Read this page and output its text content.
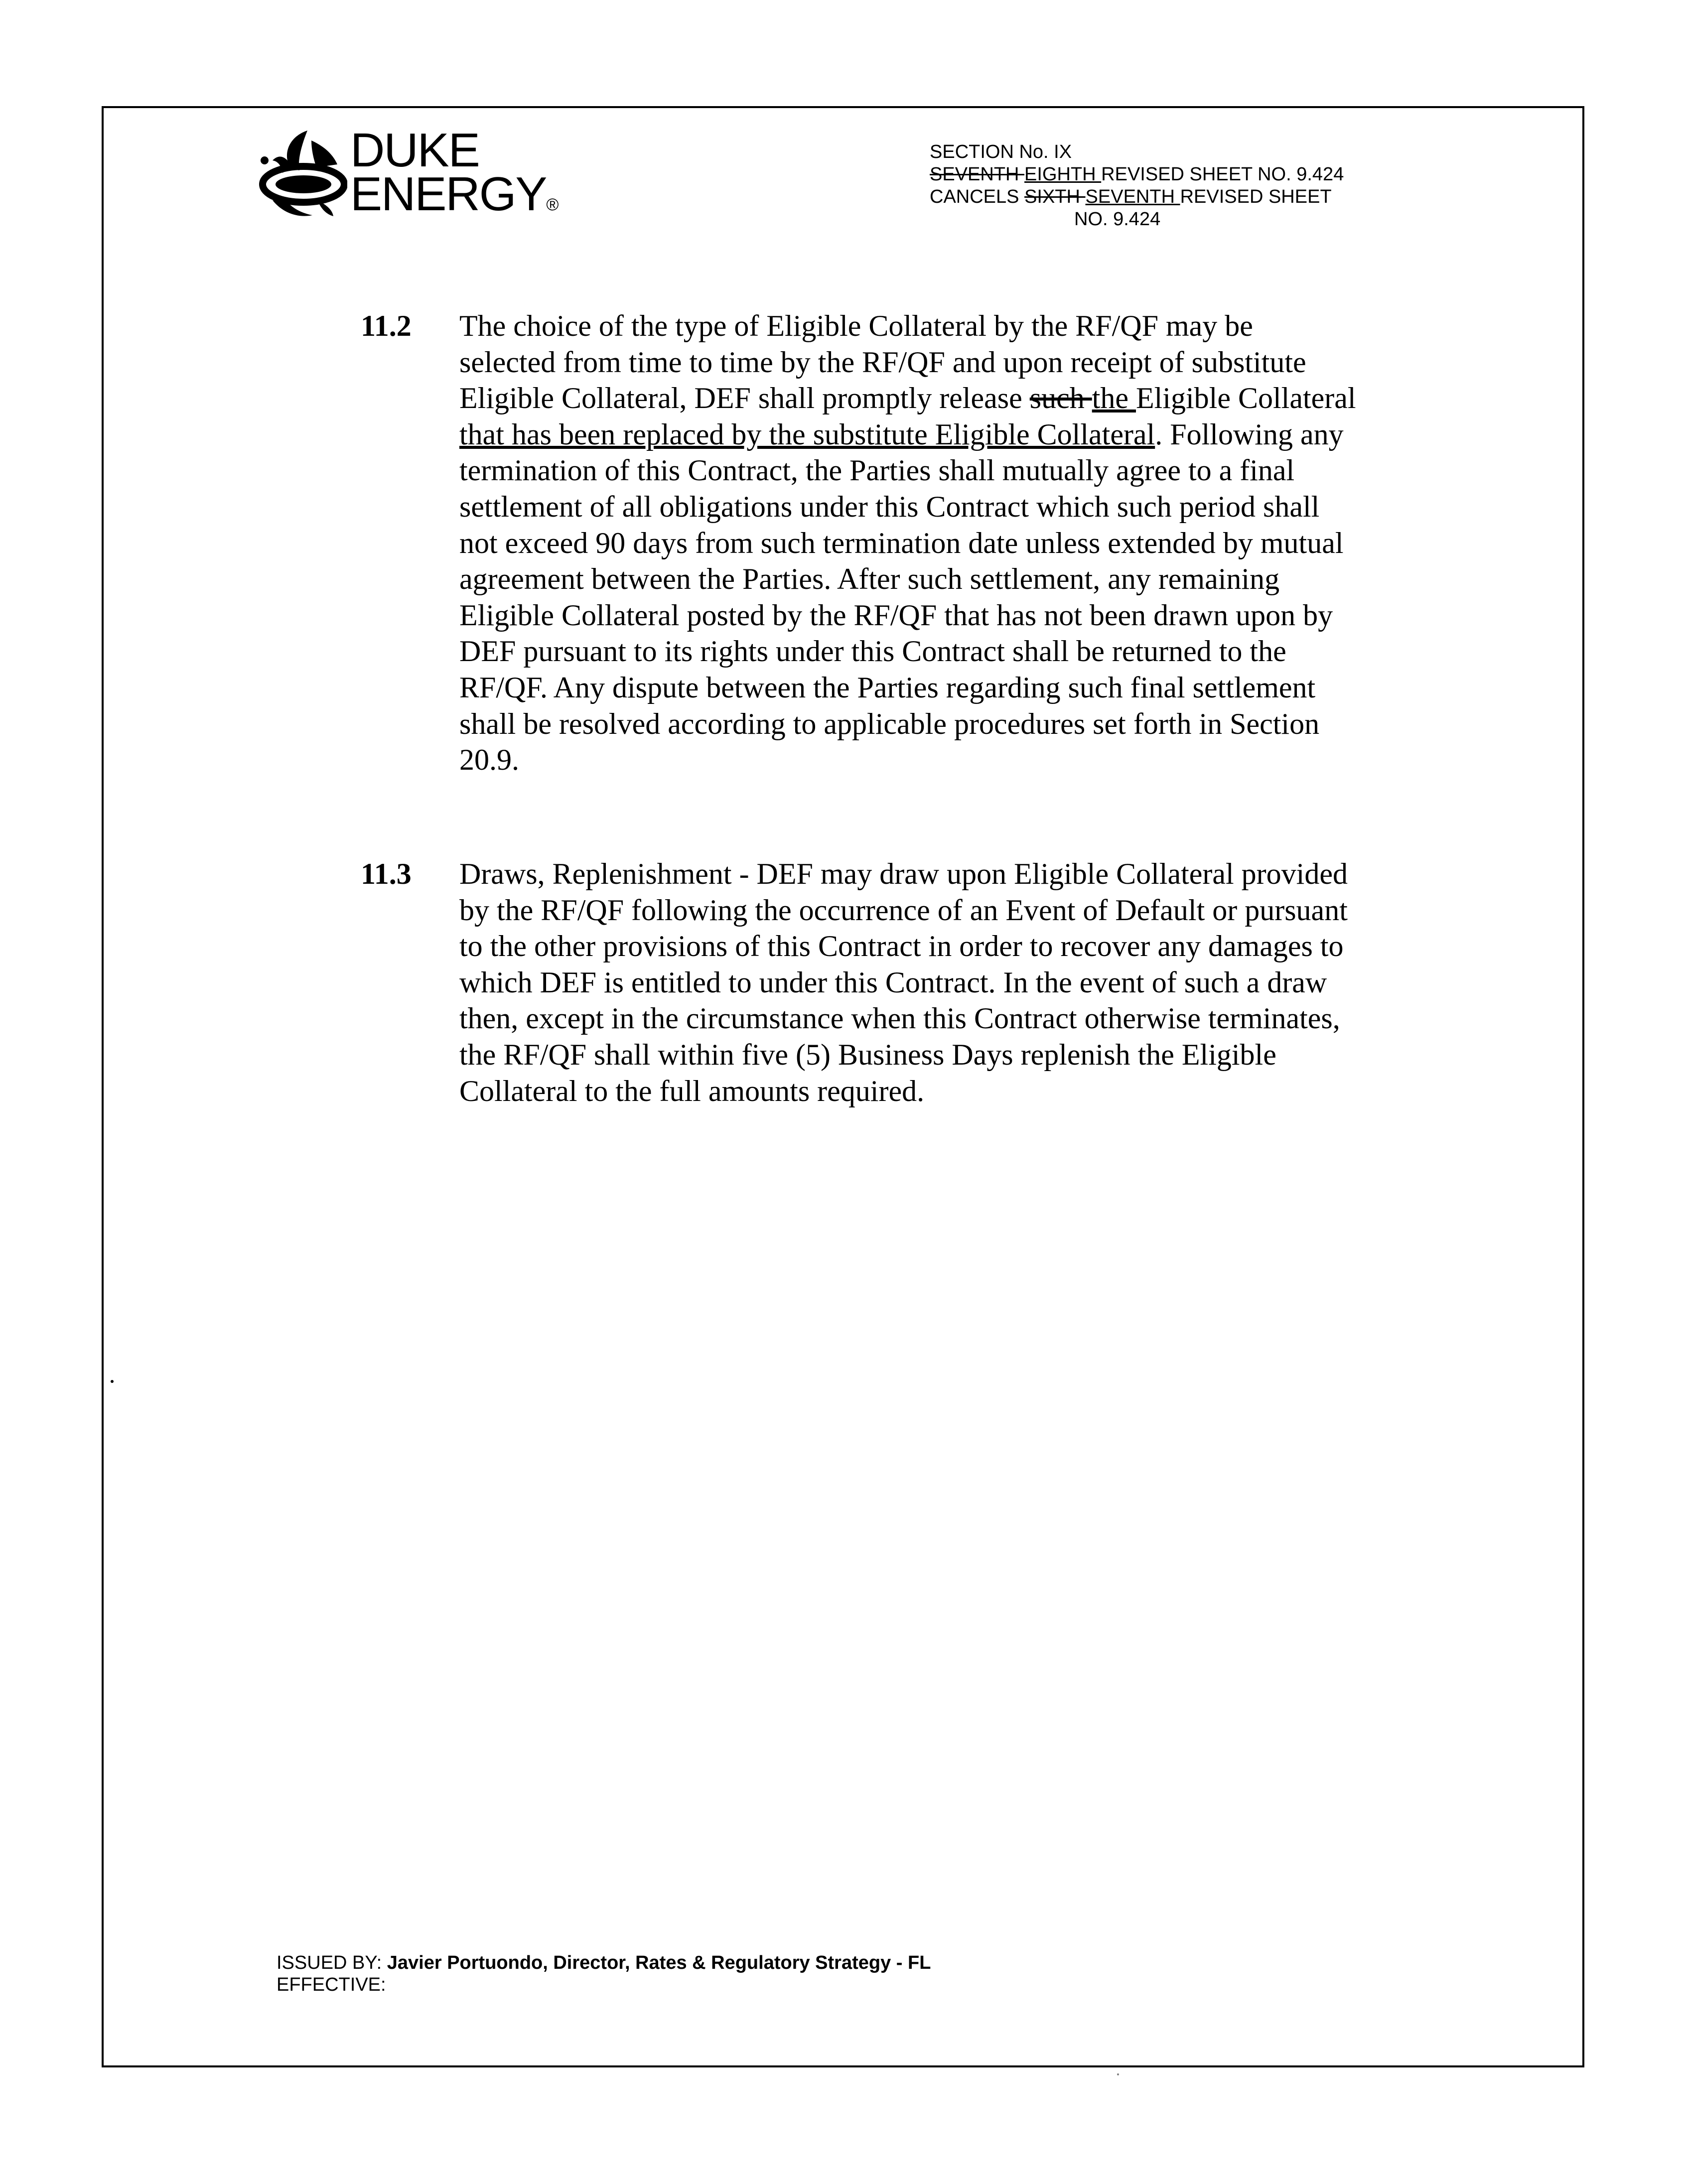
DUKE
ENERGY®
SECTION No. IX
SEVENTH EIGHTH REVISED SHEET NO. 9.424
CANCELS SIXTH SEVENTH REVISED SHEET
NO. 9.424
11.2 The choice of the type of Eligible Collateral by the RF/QF may be
selected from time to time by the RF/QF and upon receipt of substitute
Eligible Collateral, DEF shall promptly release such the Eligible Collateral
that has been replaced by the substitute Eligible Collateral. Following any
termination of this Contract, the Parties shall mutually agree to a final
settlement of all obligations under this Contract which such period shall
not exceed 90 days from such termination date unless extended by mutual
agreement between the Parties. After such settlement, any remaining
Eligible Collateral posted by the RF/QF that has not been drawn upon by
DEF pursuant to its rights under this Contract shall be returned to the
RF/QF. Any dispute between the Parties regarding such final settlement
shall be resolved according to applicable procedures set forth in Section
20.9.
11.3 Draws, Replenishment - DEF may draw upon Eligible Collateral provided
by the RF/QF following the occurrence of an Event of Default or pursuant
to the other provisions of this Contract in order to recover any damages to
which DEF is entitled to under this Contract. In the event of such a draw
then, except in the circumstance when this Contract otherwise terminates,
the RF/QF shall within five (5) Business Days replenish the Eligible
Collateral to the full amounts required.
ISSUED BY: Javier Portuondo, Director, Rates & Regulatory Strategy - FL
EFFECTIVE:
